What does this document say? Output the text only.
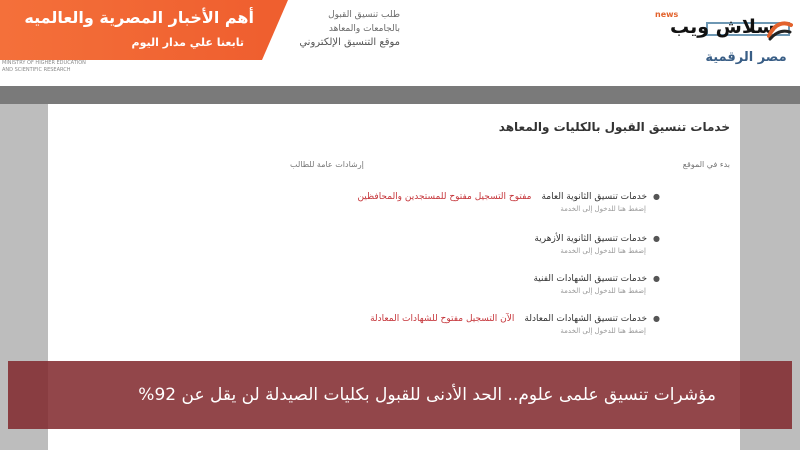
طلب تنسيق القبول بالجامعات والمعاهد
موقع التنسيق الإلكتروني
MINISTRY OF HIGHER EDUCATION AND SCIENTIFIC RESEARCH
مصر الرقمية
خدمات تنسيق القبول بالكليات والمعاهد
بدء في الموقع
إرشادات عامة للطالب
●خدمات تنسيق الثانوية العامةمفتوح التسجيل مفتوح للمستجدين والمحافظين
إضغط هنا للدخول إلى الخدمة
●خدمات تنسيق الثانوية الأزهرية
إضغط هنا للدخول إلى الخدمة
●خدمات تنسيق الشهادات الفنية
إضغط هنا للدخول إلى الخدمة
●خدمات تنسيق الشهادات المعادلةالآن التسجيل مفتوح للشهادات المعادلة
إضغط هنا للدخول إلى الخدمة
news
سلاش ويب
أهم الأخبار المصرية والعالميه
تابعنا علي مدار اليوم
مؤشرات تنسيق علمى علوم.. الحد الأدنى للقبول بكليات الصيدلة لن يقل عن 92%
